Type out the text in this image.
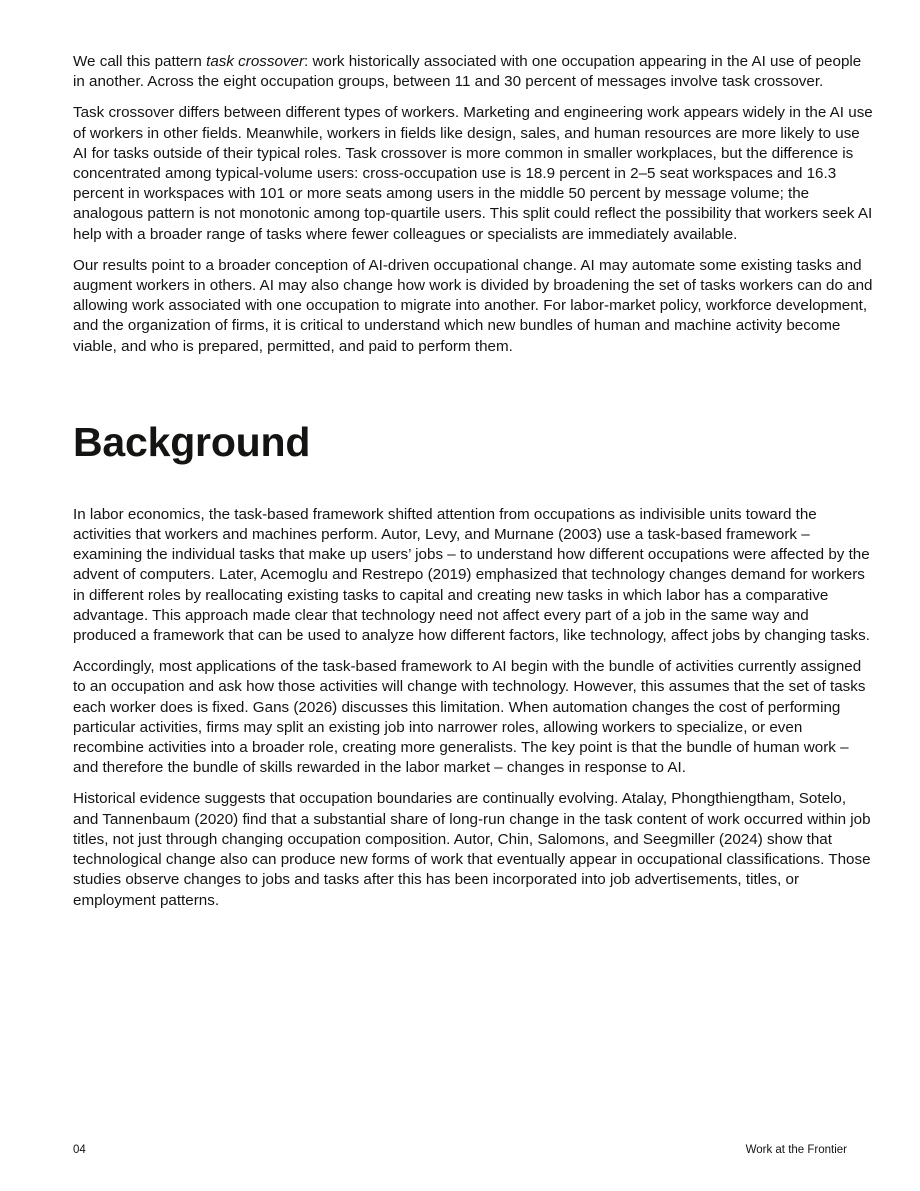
We call this pattern task crossover: work historically associated with one occupation appearing in the AI use of people in another. Across the eight occupation groups, between 11 and 30 percent of messages involve task crossover.

Task crossover differs between different types of workers. Marketing and engineering work appears widely in the AI use of workers in other fields. Meanwhile, workers in fields like design, sales, and human resources are more likely to use AI for tasks outside of their typical roles. Task crossover is more common in smaller workplaces, but the difference is concentrated among typical-volume users: cross-occupation use is 18.9 percent in 2–5 seat workspaces and 16.3 percent in workspaces with 101 or more seats among users in the middle 50 percent by message volume; the analogous pattern is not monotonic among top-quartile users. This split could reflect the possibility that workers seek AI help with a broader range of tasks where fewer colleagues or specialists are immediately available.

Our results point to a broader conception of AI-driven occupational change. AI may automate some existing tasks and augment workers in others. AI may also change how work is divided by broadening the set of tasks workers can do and allowing work associated with one occupation to migrate into another. For labor-market policy, workforce development, and the organization of firms, it is critical to understand which new bundles of human and machine activity become viable, and who is prepared, permitted, and paid to perform them.

Background

In labor economics, the task-based framework shifted attention from occupations as indivisible units toward the activities that workers and machines perform. Autor, Levy, and Murnane (2003) use a task-based framework – examining the individual tasks that make up users’ jobs – to understand how different occupations were affected by the advent of computers. Later, Acemoglu and Restrepo (2019) emphasized that technology changes demand for workers in different roles by reallocating existing tasks to capital and creating new tasks in which labor has a comparative advantage. This approach made clear that technology need not affect every part of a job in the same way and produced a framework that can be used to analyze how different factors, like technology, affect jobs by changing tasks.

Accordingly, most applications of the task-based framework to AI begin with the bundle of activities currently assigned to an occupation and ask how those activities will change with technology. However, this assumes that the set of tasks each worker does is fixed. Gans (2026) discusses this limitation. When automation changes the cost of performing particular activities, firms may split an existing job into narrower roles, allowing workers to specialize, or even recombine activities into a broader role, creating more generalists. The key point is that the bundle of human work – and therefore the bundle of skills rewarded in the labor market – changes in response to AI.

Historical evidence suggests that occupation boundaries are continually evolving. Atalay, Phongthiengtham, Sotelo, and Tannenbaum (2020) find that a substantial share of long-run change in the task content of work occurred within job titles, not just through changing occupation composition. Autor, Chin, Salomons, and Seegmiller (2024) show that technological change also can produce new forms of work that eventually appear in occupational classifications. Those studies observe changes to jobs and tasks after this has been incorporated into job advertisements, titles, or employment patterns.

04	Work at the Frontier
